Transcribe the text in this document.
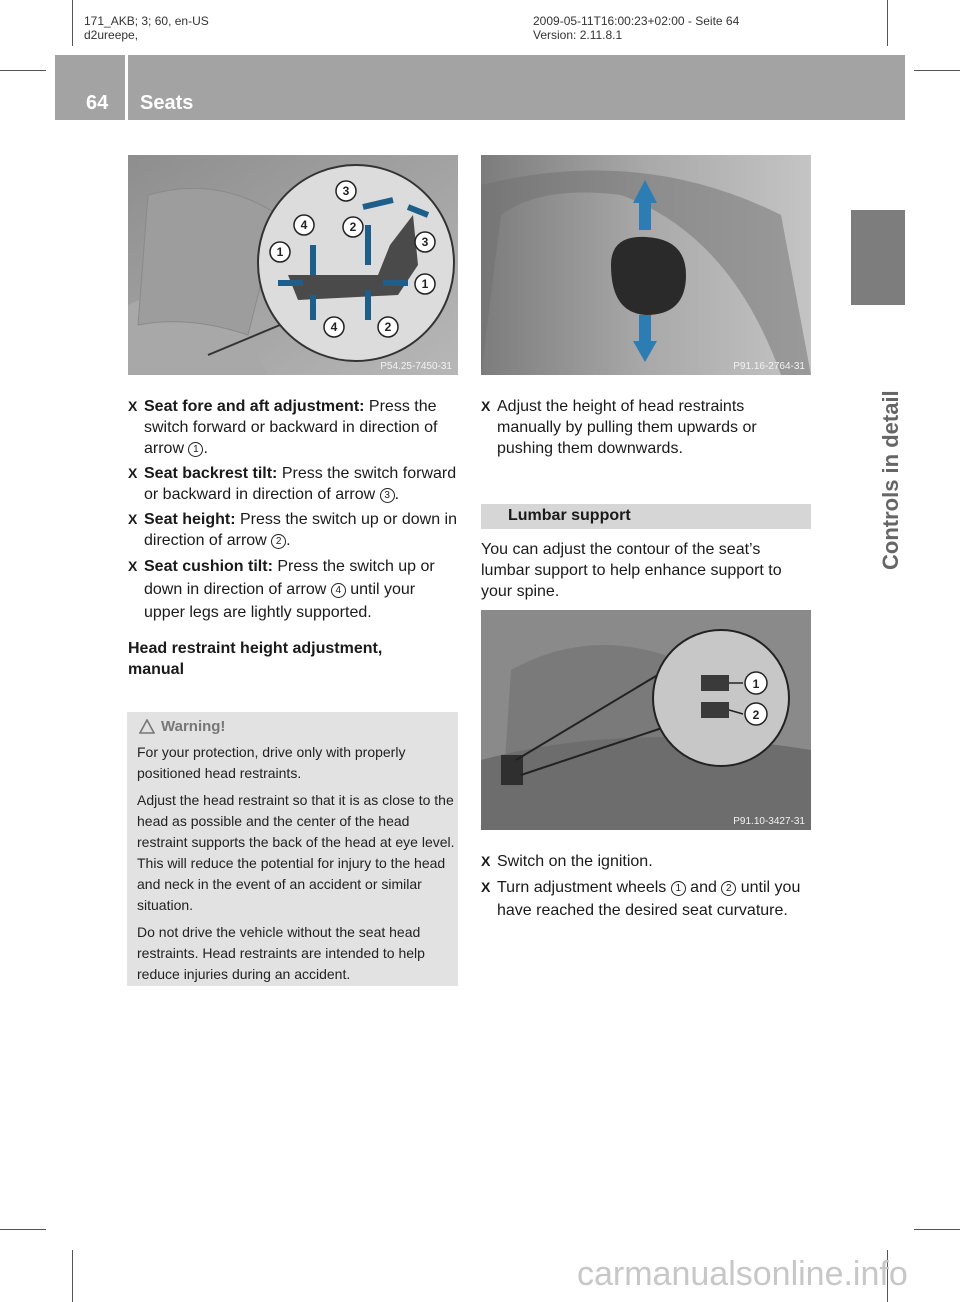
171_AKB; 3; 60, en-US
d2ureepe,
2009-05-11T16:00:23+02:00 - Seite 64
Version: 2.11.8.1
64 Seats
Controls in detail
3
4	2
3
1
1
4	2
P54.25-7450-31	P91.16-2764-31
1
2
P91.10-3427-31
X Seat fore and aft adjustment: Press the switch forward or backward in direction of arrow 1 .
X Seat backrest tilt: Press the switch forward or backward in direction of arrow 3 .
X Seat height: Press the switch up or down in direction of arrow 2 .
X Seat cushion tilt: Press the switch up or down in direction of arrow 4 until your upper legs are lightly supported.
Head restraint height adjustment, manual
Warning!
For your protection, drive only with properly positioned head restraints.
Adjust the head restraint so that it is as close to the head as possible and the center of the head restraint supports the back of the head at eye level. This will reduce the potential for injury to the head and neck in the event of an accident or similar situation.
Do not drive the vehicle without the seat head restraints. Head restraints are intended to help reduce injuries during an accident.
X Adjust the height of head restraints manually by pulling them upwards or pushing them downwards.
Lumbar support
You can adjust the contour of the seat’s lumbar support to help enhance support to your spine.
X Switch on the ignition.
X Turn adjustment wheels 1 and 2 until you have reached the desired seat curvature.
carmanualsonline.info
